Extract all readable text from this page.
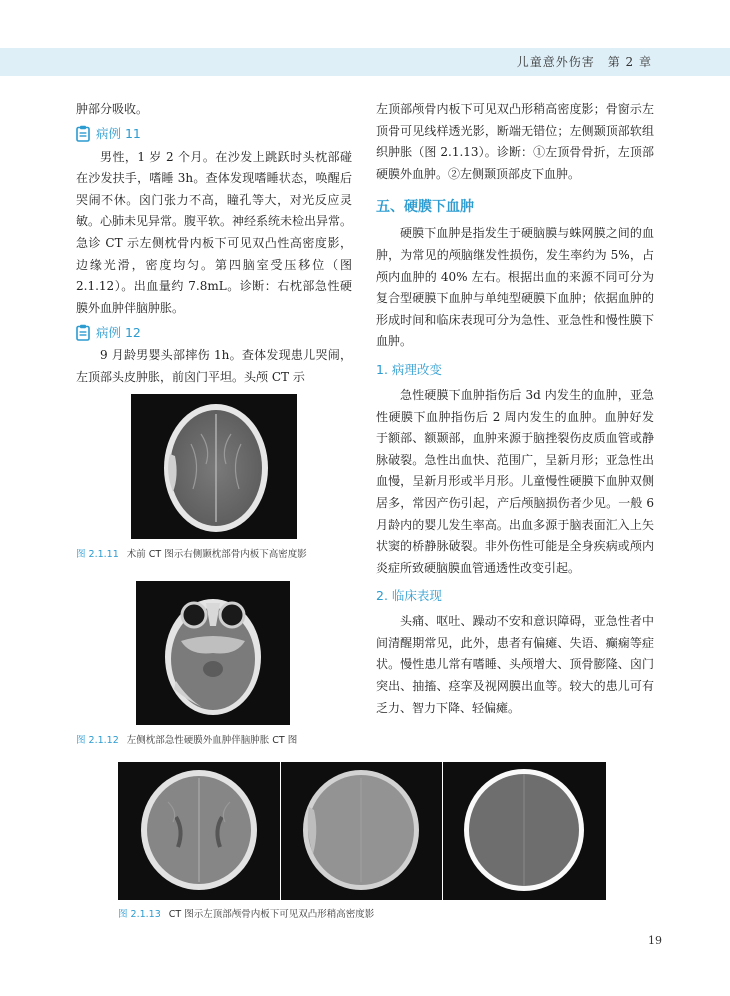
儿童意外伤害　第 2 章

肿部分吸收。

病例 11

男性，1 岁 2 个月。在沙发上跳跃时头枕部碰在沙发扶手，嗜睡 3h。查体发现嗜睡状态，唤醒后哭闹不休。囟门张力不高，瞳孔等大，对光反应灵敏。心肺未见异常。腹平软。神经系统未检出异常。急诊 CT 示左侧枕骨内板下可见双凸性高密度影，边缘光滑，密度均匀。第四脑室受压移位（图 2.1.12）。出血量约 7.8mL。诊断：右枕部急性硬膜外血肿伴脑肿胀。

病例 12

9 月龄男婴头部摔伤 1h。查体发现患儿哭闹，左顶部头皮肿胀，前囟门平坦。头颅 CT 示

图 2.1.11 术前 CT 图示右侧颞枕部骨内板下高密度影
图 2.1.12 左侧枕部急性硬膜外血肿伴脑肿胀 CT 图

左顶部颅骨内板下可见双凸形稍高密度影；骨窗示左顶骨可见线样透光影，断端无错位；左侧颞顶部软组织肿胀（图 2.1.13）。诊断：①左顶骨骨折，左顶部硬膜外血肿。②左侧颞顶部皮下血肿。

五、硬膜下血肿

硬膜下血肿是指发生于硬脑膜与蛛网膜之间的血肿，为常见的颅脑继发性损伤，发生率约为 5%，占颅内血肿的 40% 左右。根据出血的来源不同可分为复合型硬膜下血肿与单纯型硬膜下血肿；依据血肿的形成时间和临床表现可分为急性、亚急性和慢性膜下血肿。

1. 病理改变

急性硬膜下血肿指伤后 3d 内发生的血肿，亚急性硬膜下血肿指伤后 2 周内发生的血肿。血肿好发于额部、额颞部，血肿来源于脑挫裂伤皮质血管或静脉破裂。急性出血快、范围广，呈新月形；亚急性出血慢，呈新月形或半月形。儿童慢性硬膜下血肿双侧居多，常因产伤引起，产后颅脑损伤者少见。一般 6 月龄内的婴儿发生率高。出血多源于脑表面汇入上矢状窦的桥静脉破裂。非外伤性可能是全身疾病或颅内炎症所致硬脑膜血管通透性改变引起。

2. 临床表现

头痛、呕吐、躁动不安和意识障碍，亚急性者中间清醒期常见，此外，患者有偏瘫、失语、癫痫等症状。慢性患儿常有嗜睡、头颅增大、顶骨膨隆、囟门突出、抽搐、痉挛及视网膜出血等。较大的患儿可有乏力、智力下降、轻偏瘫。

图 2.1.13 CT 图示左顶部颅骨内板下可见双凸形稍高密度影
19
